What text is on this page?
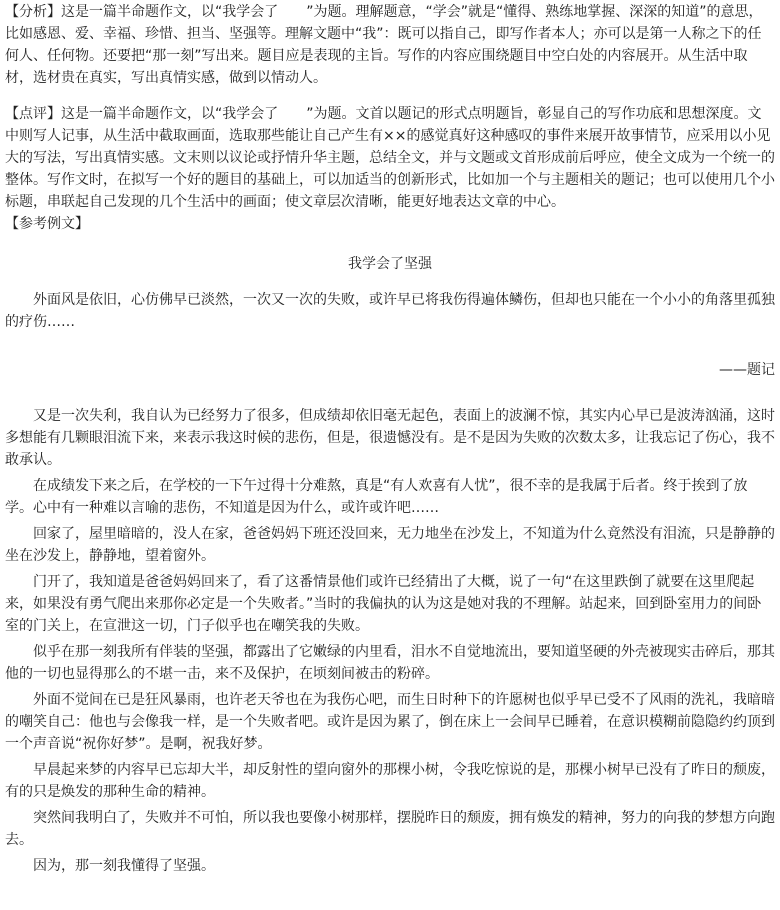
【分析】这是一篇半命题作文，以“我学会了　　”为题。理解题意，“学会”就是“懂得、熟练地掌握、深深的知道”的意思，比如感恩、爱、幸福、珍惜、担当、坚强等。理解文题中“我”：既可以指自己，即写作者本人；亦可以是第一人称之下的任何人、任何物。还要把“那一刻”写出来。题目应是表现的主旨。写作的内容应围绕题目中空白处的内容展开。从生活中取材，选材贵在真实，写出真情实感，做到以情动人。

【点评】这是一篇半命题作文，以“我学会了　　”为题。文首以题记的形式点明题旨，彰显自己的写作功底和思想深度。文中则写人记事，从生活中截取画面，选取那些能让自己产生有××的感觉真好这种感叹的事件来展开故事情节，应采用以小见大的写法，写出真情实感。文末则以议论或抒情升华主题，总结全文，并与文题或文首形成前后呼应，使全文成为一个统一的整体。写作文时，在拟写一个好的题目的基础上，可以加适当的创新形式，比如加一个与主题相关的题记；也可以使用几个小标题，串联起自己发现的几个生活中的画面；使文章层次清晰，能更好地表达文章的中心。

【参考例文】

我学会了坚强

外面风是依旧，心仿佛早已淡然，一次又一次的失败，或许早已将我伤得遍体鳞伤，但却也只能在一个小小的角落里孤独的疗伤……

——题记

又是一次失利，我自认为已经努力了很多，但成绩却依旧毫无起色，表面上的波澜不惊，其实内心早已是波涛汹涌，这时多想能有几颗眼泪流下来，来表示我这时候的悲伤，但是，很遗憾没有。是不是因为失败的次数太多，让我忘记了伤心，我不敢承认。

在成绩发下来之后，在学校的一下午过得十分难熬，真是“有人欢喜有人忧”，很不幸的是我属于后者。终于挨到了放学。心中有一种难以言喻的悲伤，不知道是因为什么，或许或许吧……

回家了，屋里暗暗的，没人在家，爸爸妈妈下班还没回来，无力地坐在沙发上，不知道为什么竟然没有泪流，只是静静的坐在沙发上，静静地，望着窗外。

门开了，我知道是爸爸妈妈回来了，看了这番情景他们或许已经猜出了大概，说了一句“在这里跌倒了就要在这里爬起来，如果没有勇气爬出来那你必定是一个失败者。”当时的我偏执的认为这是她对我的不理解。站起来，回到卧室用力的间卧室的门关上，在宣泄这一切，门子似乎也在嘲笑我的失败。

似乎在那一刻我所有伴装的坚强，都露出了它嫩绿的内里看，泪水不自觉地流出，要知道坚硬的外壳被现实击碎后，那其他的一切也显得那么的不堪一击，来不及保护，在顷刻间被击的粉碎。

外面不觉间在已是狂风暴雨，也许老天爷也在为我伤心吧，而生日时种下的许愿树也似乎早已受不了风雨的洗礼，我暗暗的嘲笑自己：他也与会像我一样，是一个失败者吧。或许是因为累了，倒在床上一会间早已睡着，在意识模糊前隐隐约约顶到一个声音说“祝你好梦”。是啊，祝我好梦。

早晨起来梦的内容早已忘却大半，却反射性的望向窗外的那棵小树，令我吃惊说的是，那棵小树早已没有了昨日的颓废，有的只是焕发的那种生命的精神。

突然间我明白了，失败并不可怕，所以我也要像小树那样，摆脱昨日的颓废，拥有焕发的精神，努力的向我的梦想方向跑去。

因为，那一刻我懂得了坚强。
